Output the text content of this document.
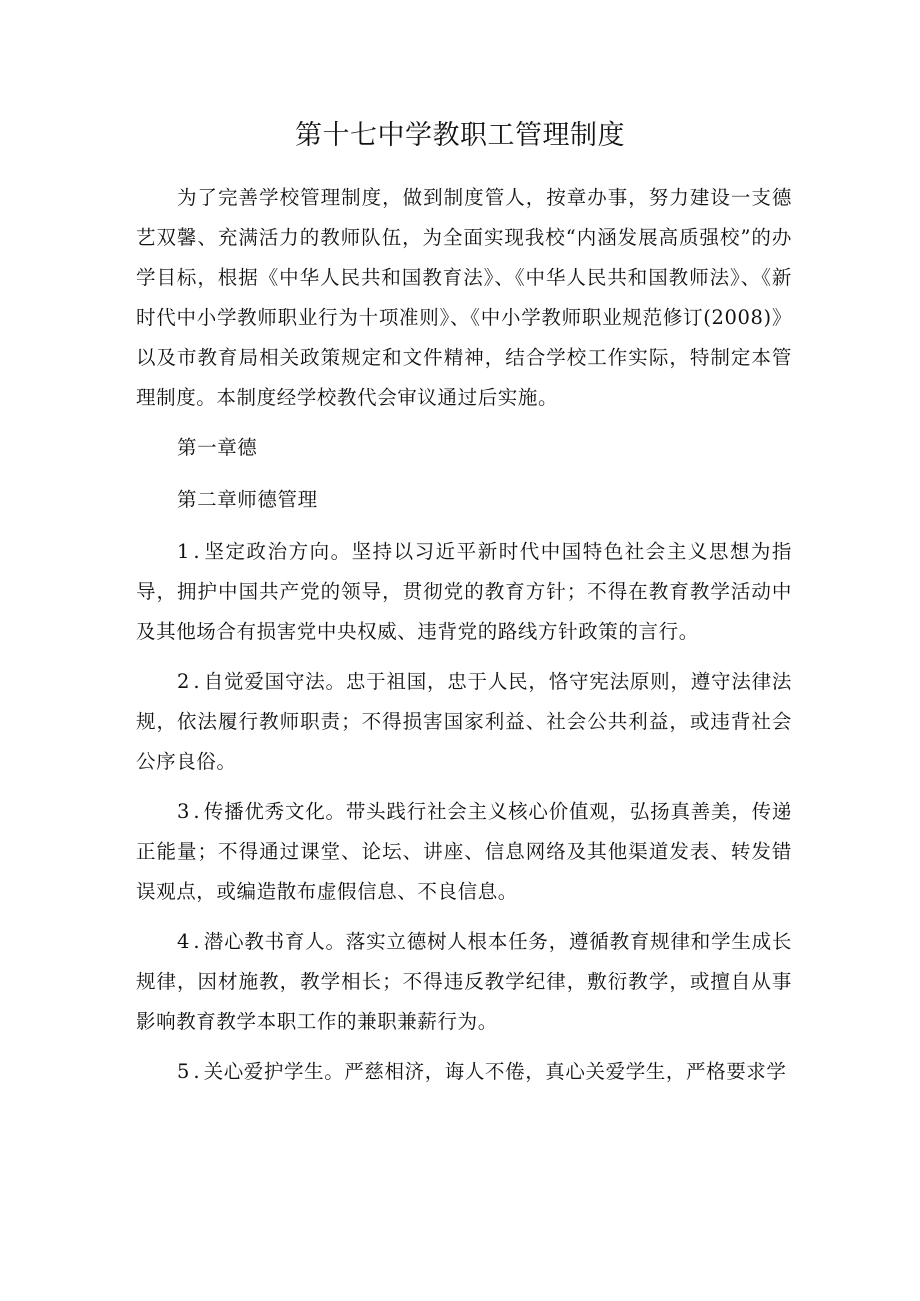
第十七中学教职工管理制度

为了完善学校管理制度，做到制度管人，按章办事，努力建设一支德艺双馨、充满活力的教师队伍，为全面实现我校“内涵发展高质强校”的办学目标，根据《中华人民共和国教育法》、《中华人民共和国教师法》、《新时代中小学教师职业行为十项准则》、《中小学教师职业规范修订(2008)》以及市教育局相关政策规定和文件精神，结合学校工作实际，特制定本管理制度。本制度经学校教代会审议通过后实施。

第一章德

第二章师德管理

1.坚定政治方向。坚持以习近平新时代中国特色社会主义思想为指导，拥护中国共产党的领导，贯彻党的教育方针；不得在教育教学活动中及其他场合有损害党中央权威、违背党的路线方针政策的言行。

2.自觉爱国守法。忠于祖国，忠于人民，恪守宪法原则，遵守法律法规，依法履行教师职责；不得损害国家利益、社会公共利益，或违背社会公序良俗。

3.传播优秀文化。带头践行社会主义核心价值观，弘扬真善美，传递正能量；不得通过课堂、论坛、讲座、信息网络及其他渠道发表、转发错误观点，或编造散布虚假信息、不良信息。

4.潜心教书育人。落实立德树人根本任务，遵循教育规律和学生成长规律，因材施教，教学相长；不得违反教学纪律，敷衍教学，或擅自从事影响教育教学本职工作的兼职兼薪行为。

5.关心爱护学生。严慈相济，诲人不倦，真心关爱学生，严格要求学
